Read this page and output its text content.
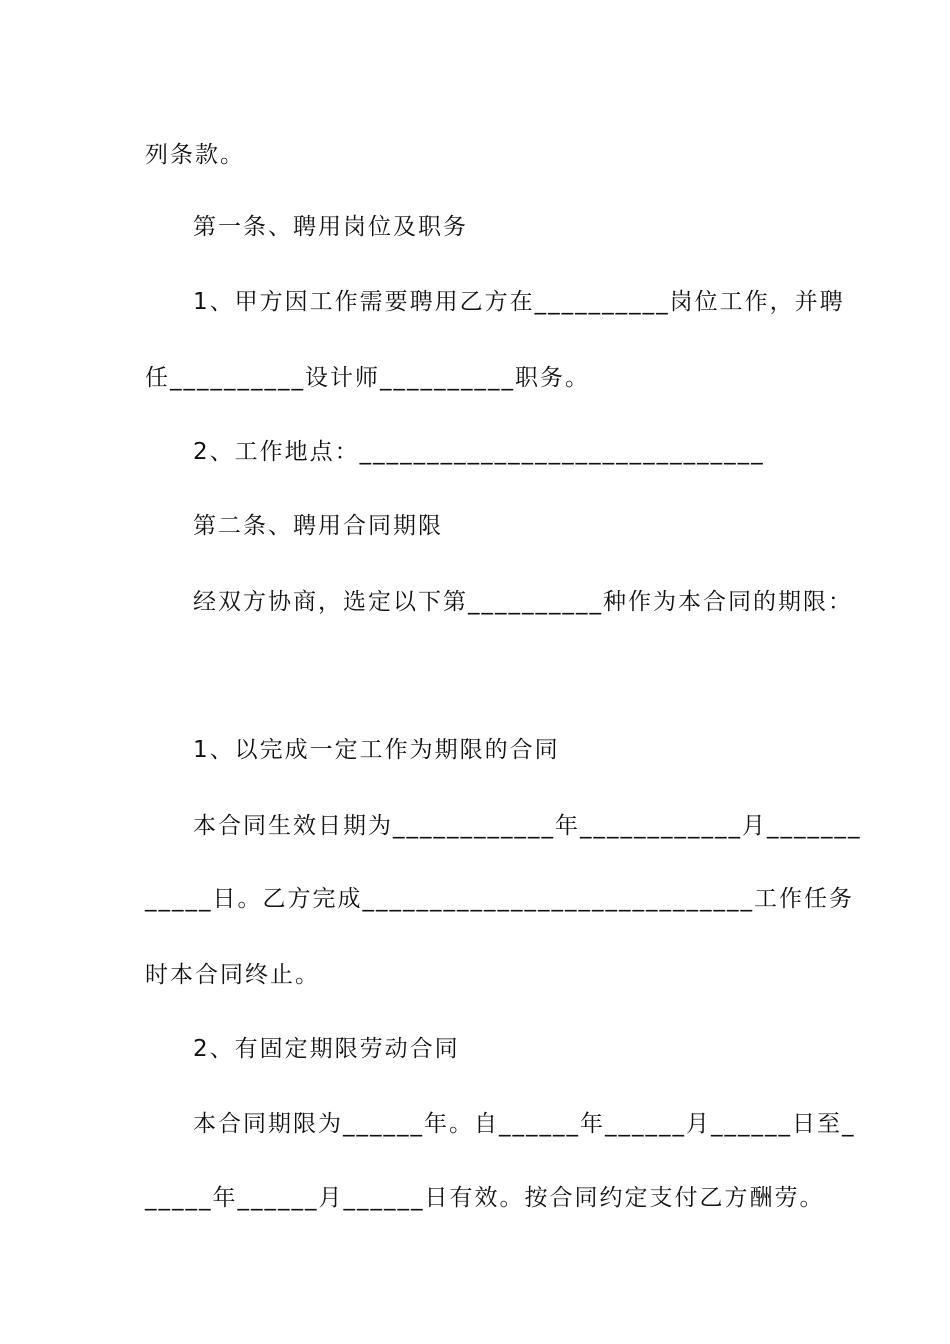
列条款。
第一条、聘用岗位及职务
1、甲方因工作需要聘用乙方在__________岗位工作，并聘
任__________设计师__________职务。
2、工作地点：______________________________
第二条、聘用合同期限
经双方协商，选定以下第__________种作为本合同的期限：
1、以完成一定工作为期限的合同
本合同生效日期为____________年____________月_______
_____日。乙方完成_____________________________工作任务
时本合同终止。
2、有固定期限劳动合同
本合同期限为______年。自______年______月______日至_
_____年______月______日有效。按合同约定支付乙方酬劳。
